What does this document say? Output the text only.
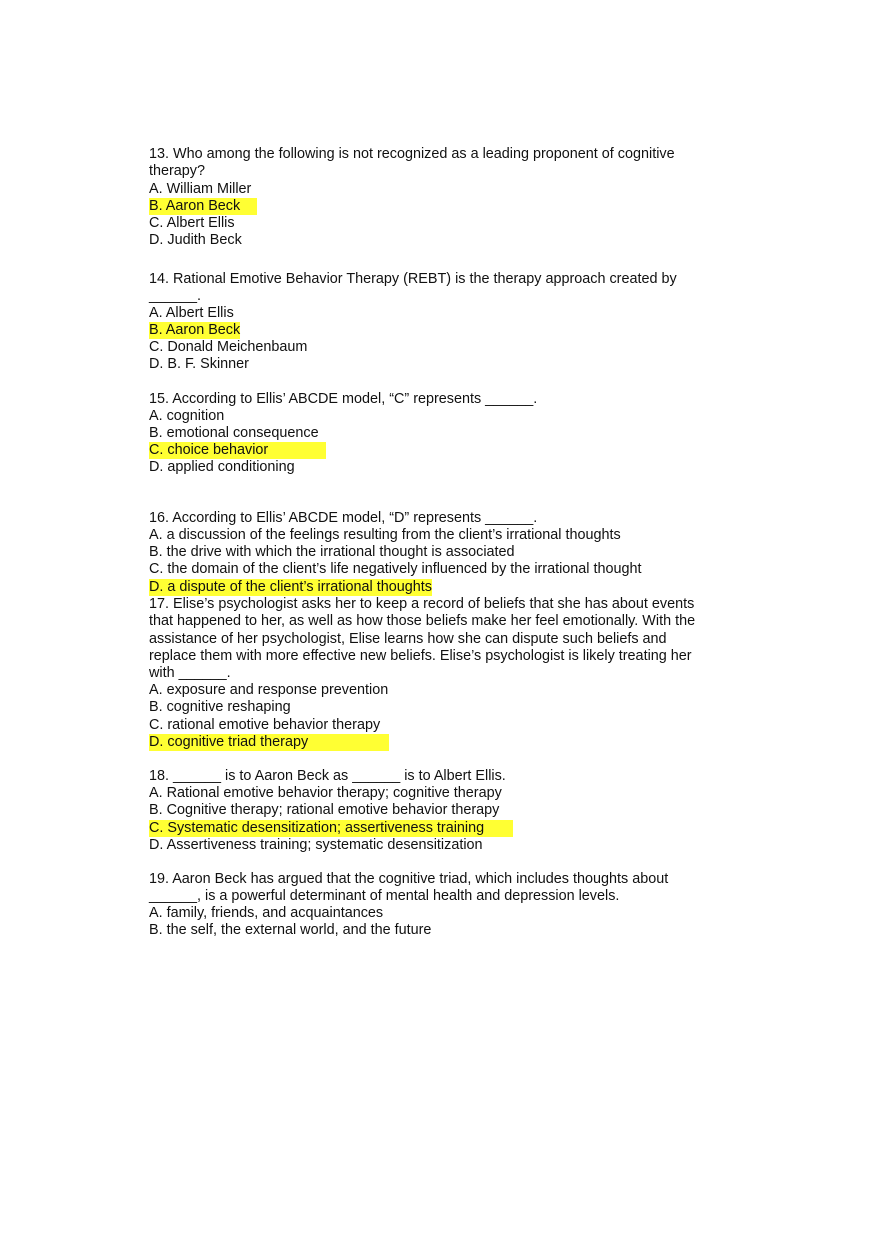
13. Who among the following is not recognized as a leading proponent of cognitive

therapy?

A. William Miller

B. Aaron Beck

C. Albert Ellis

D. Judith Beck

14. Rational Emotive Behavior Therapy (REBT) is the therapy approach created by

______.

A. Albert Ellis

B. Aaron Beck

C. Donald Meichenbaum

D. B. F. Skinner

15. According to Ellis’ ABCDE model, “C” represents ______.

A. cognition

B. emotional consequence

C. choice behavior

D. applied conditioning

16. According to Ellis’ ABCDE model, “D” represents ______.

A. a discussion of the feelings resulting from the client’s irrational thoughts

B. the drive with which the irrational thought is associated

C. the domain of the client’s life negatively influenced by the irrational thought

D. a dispute of the client’s irrational thoughts

17. Elise’s psychologist asks her to keep a record of beliefs that she has about events

that happened to her, as well as how those beliefs make her feel emotionally. With the

assistance of her psychologist, Elise learns how she can dispute such beliefs and

replace them with more effective new beliefs. Elise’s psychologist is likely treating her

with ______.

A. exposure and response prevention

B. cognitive reshaping

C. rational emotive behavior therapy

D. cognitive triad therapy

18. ______ is to Aaron Beck as ______ is to Albert Ellis.

A. Rational emotive behavior therapy; cognitive therapy

B. Cognitive therapy; rational emotive behavior therapy

C. Systematic desensitization; assertiveness training

D. Assertiveness training; systematic desensitization

19. Aaron Beck has argued that the cognitive triad, which includes thoughts about

______, is a powerful determinant of mental health and depression levels.

A. family, friends, and acquaintances

B. the self, the external world, and the future
